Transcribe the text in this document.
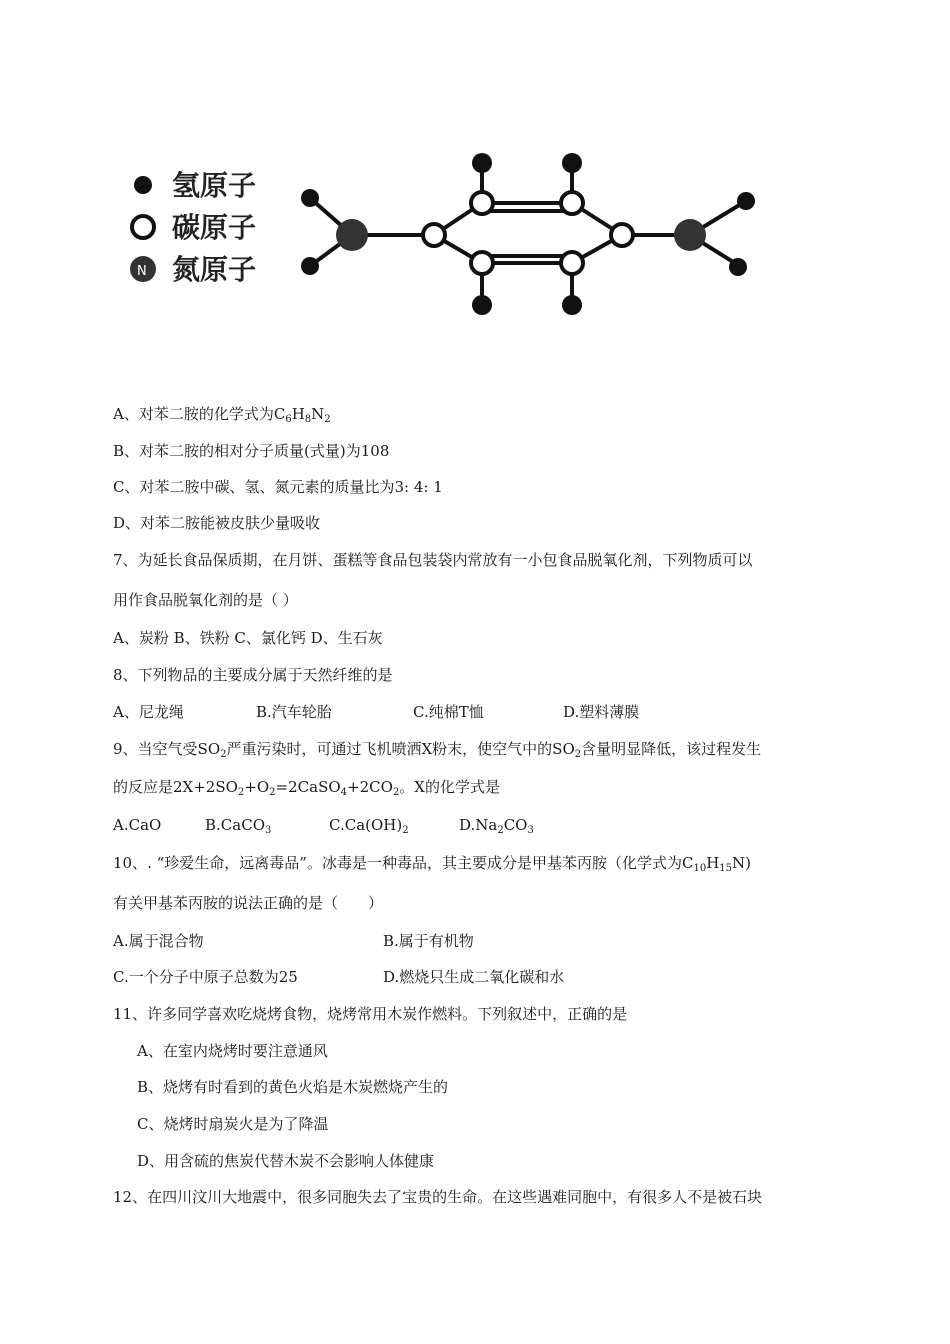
氢原子
碳原子
N 氮原子
A、对苯二胺的化学式为$C_6H_8N_2$
B、对苯二胺的相对分子质量(式量)为108
C、对苯二胺中碳、氢、氮元素的质量比为3: 4: 1
D、对苯二胺能被皮肤少量吸收
7、为延长食品保质期，在月饼、蛋糕等食品包装袋内常放有一小包食品脱氧化剂，下列物质可以
用作食品脱氧化剂的是（ ）
A、炭粉 B、铁粉 C、氯化钙 D、生石灰
8、下列物品的主要成分属于天然纤维的是
A、尼龙绳	B.汽车轮胎	C.纯棉T恤	D.塑料薄膜
9、当空气受$SO_2$严重污染时，可通过飞机喷洒X粉末，使空气中的$SO_2$含量明显降低，该过程发生
的反应是$2X+2SO_2+O_2=2CaSO_4+2CO_2$。X的化学式是
A.CaO	B.CaCO$_3$	$C.Ca(OH)_2$	$D.Na_2CO_3$
10、. “珍爱生命，远离毒品”。冰毒是一种毒品，其主要成分是甲基苯丙胺（化学式为$C_{10}H_{15}N$)
有关甲基苯丙胺的说法正确的是（　　）
A.属于混合物	B.属于有机物
C.一个分子中原子总数为25	D.燃烧只生成二氧化碳和水
11、许多同学喜欢吃烧烤食物，烧烤常用木炭作燃料。下列叙述中，正确的是
A、在室内烧烤时要注意通风
B、烧烤有时看到的黄色火焰是木炭燃烧产生的
C、烧烤时扇炭火是为了降温
D、用含硫的焦炭代替木炭不会影响人体健康
12、在四川汶川大地震中，很多同胞失去了宝贵的生命。在这些遇难同胞中，有很多人不是被石块
